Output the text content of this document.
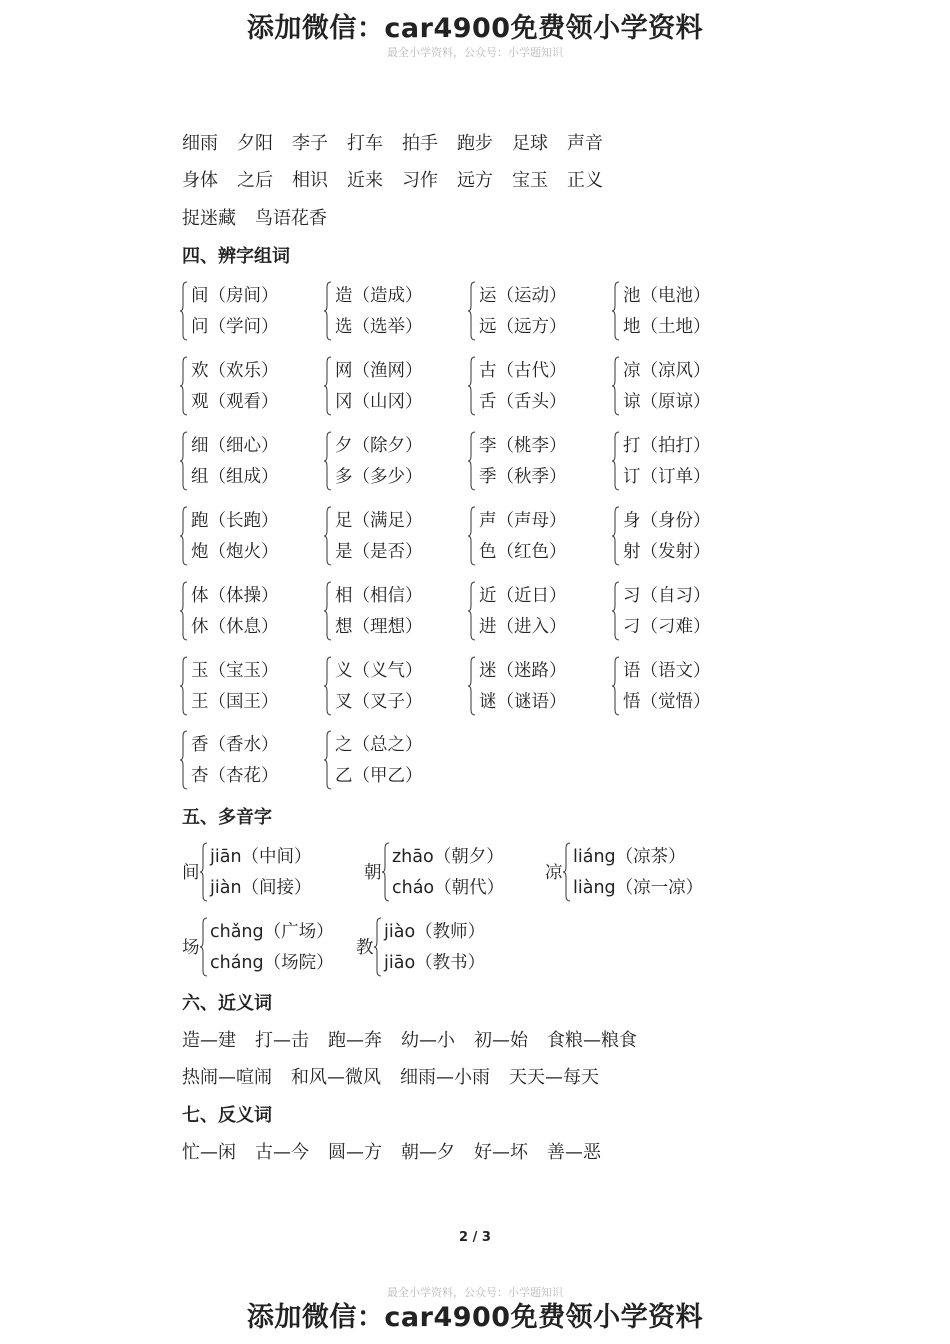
添加微信：car4900免费领小学资料
最全小学资料，公众号：小学题知识
细雨 夕阳 李子 打车 拍手 跑步 足球 声音
身体 之后 相识 近来 习作 远方 宝玉 正义
捉迷藏 鸟语花香
四、辨字组词
间（房间）
问（学问）
造（造成）
选（选举）
运（运动）
远（远方）
池（电池）
地（土地）
欢（欢乐）
观（观看）
网（渔网）
冈（山冈）
古（古代）
舌（舌头）
凉（凉风）
谅（原谅）
细（细心）
组（组成）
夕（除夕）
多（多少）
李（桃李）
季（秋季）
打（拍打）
订（订单）
跑（长跑）
炮（炮火）
足（满足）
是（是否）
声（声母）
色（红色）
身（身份）
射（发射）
体（体操）
休（休息）
相（相信）
想（理想）
近（近日）
进（进入）
习（自习）
刁（刁难）
玉（宝玉）
王（国王）
义（义气）
叉（叉子）
迷（迷路）
谜（谜语）
语（语文）
悟（觉悟）
香（香水）
杏（杏花）
之（总之）
乙（甲乙）
五、多音字
间
jiān（中间）
jiàn（间接）
朝
zhāo（朝夕）
cháo（朝代）
凉
liáng（凉茶）
liàng（凉一凉）
场
chǎng（广场）
cháng（场院）
教
jiào（教师）
jiāo（教书）
六、近义词
造—建 打—击 跑—奔 幼—小 初—始 食粮—粮食
热闹—喧闹 和风—微风 细雨—小雨 天天—每天
七、反义词
忙—闲 古—今 圆—方 朝—夕 好—坏 善—恶
2 / 3
最全小学资料，公众号：小学题知识
添加微信：car4900免费领小学资料
